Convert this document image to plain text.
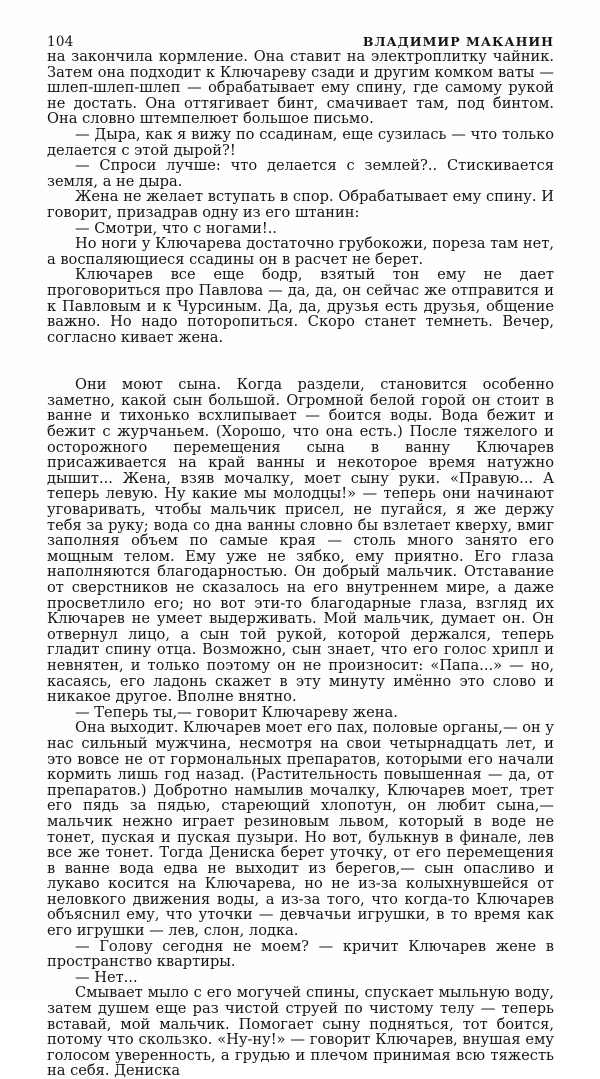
104	ВЛАДИМИР МАКАНИН

на закончила кормление. Она ставит на электроплитку чайник. Затем она подходит к Ключареву сзади и другим комком ваты — шлеп-шлеп-шлеп — обрабатывает ему спину, где самому рукой не достать. Она оттягивает бинт, смачивает там, под бинтом. Она словно штемпелюет большое письмо.

— Дыра, как я вижу по ссадинам, еще сузилась — что только делается с этой дырой?!

— Спроси лучше: что делается с землей?.. Стискивается земля, а не дыра.

Жена не желает вступать в спор. Обрабатывает ему спину. И говорит, призадрав одну из его штанин:

— Смотри, что с ногами!..

Но ноги у Ключарева достаточно грубокожи, пореза там нет, а воспаляющиеся ссадины он в расчет не берет.

Ключарев все еще бодр, взятый тон ему не дает проговориться про Павлова — да, да, он сейчас же отправится и к Павловым и к Чурсиным. Да, да, друзья есть друзья, общение важно. Но надо поторопиться. Скоро станет темнеть. Вечер, согласно кивает жена.

Они моют сына. Когда раздели, становится особенно заметно, какой сын большой. Огромной белой горой он стоит в ванне и тихонько всхлипывает — боится воды. Вода бежит и бежит с журчаньем. (Хорошо, что она есть.) После тяжелого и осторожного перемещения сына в ванну Ключарев присаживается на край ванны и некоторое время натужно дышит... Жена, взяв мочалку, моет сыну руки. «Правую... А теперь левую. Ну какие мы молодцы!» — теперь они начинают уговаривать, чтобы мальчик присел, не пугайся, я же держу тебя за руку; вода со дна ванны словно бы взлетает кверху, вмиг заполняя объем по самые края — столь много занято его мощным телом. Ему уже не зябко, ему приятно. Его глаза наполняются благодарностью. Он добрый мальчик. Отставание от сверстников не сказалось на его внутреннем мире, а даже просветлило его; но вот эти-то благодарные глаза, взгляд их Ключарев не умеет выдерживать. Мой мальчик, думает он. Он отвернул лицо, а сын той рукой, которой держался, теперь гладит спину отца. Возможно, сын знает, что его голос хрипл и невнятен, и только поэтому он не произносит: «Папа...» — но, касаясь, его ладонь скажет в эту минуту имённо это слово и никакое другое. Вполне внятно.

— Теперь ты,— говорит Ключареву жена.

Она выходит. Ключарев моет его пах, половые органы,— он у нас сильный мужчина, несмотря на свои четырнадцать лет, и это вовсе не от гормональных препаратов, которыми его начали кормить лишь год назад. (Растительность повышенная — да, от препаратов.) Добротно намылив мочалку, Ключарев моет, трет его пядь за пядью, стареющий хлопотун, он любит сына,— мальчик нежно играет резиновым львом, который в воде не тонет, пуская и пуская пузыри. Но вот, булькнув в финале, лев все же тонет. Тогда Дениска берет уточку, от его перемещения в ванне вода едва не выходит из берегов,— сын опасливо и лукаво косится на Ключарева, но не из-за колыхнувшейся от неловкого движения воды, а из-за того, что когда-то Ключарев объяснил ему, что уточки — девчачьи игрушки, в то время как его игрушки — лев, слон, лодка.

— Голову сегодня не моем? — кричит Ключарев жене в пространство квартиры.

— Нет...

Смывает мыло с его могучей спины, спускает мыльную воду, затем душем еще раз чистой струей по чистому телу — теперь вставай, мой мальчик. Помогает сыну подняться, тот боится, потому что скользко. «Ну-ну!» — говорит Ключарев, внушая ему голосом уверенность, а грудью и плечом принимая всю тяжесть на себя. Дениска
